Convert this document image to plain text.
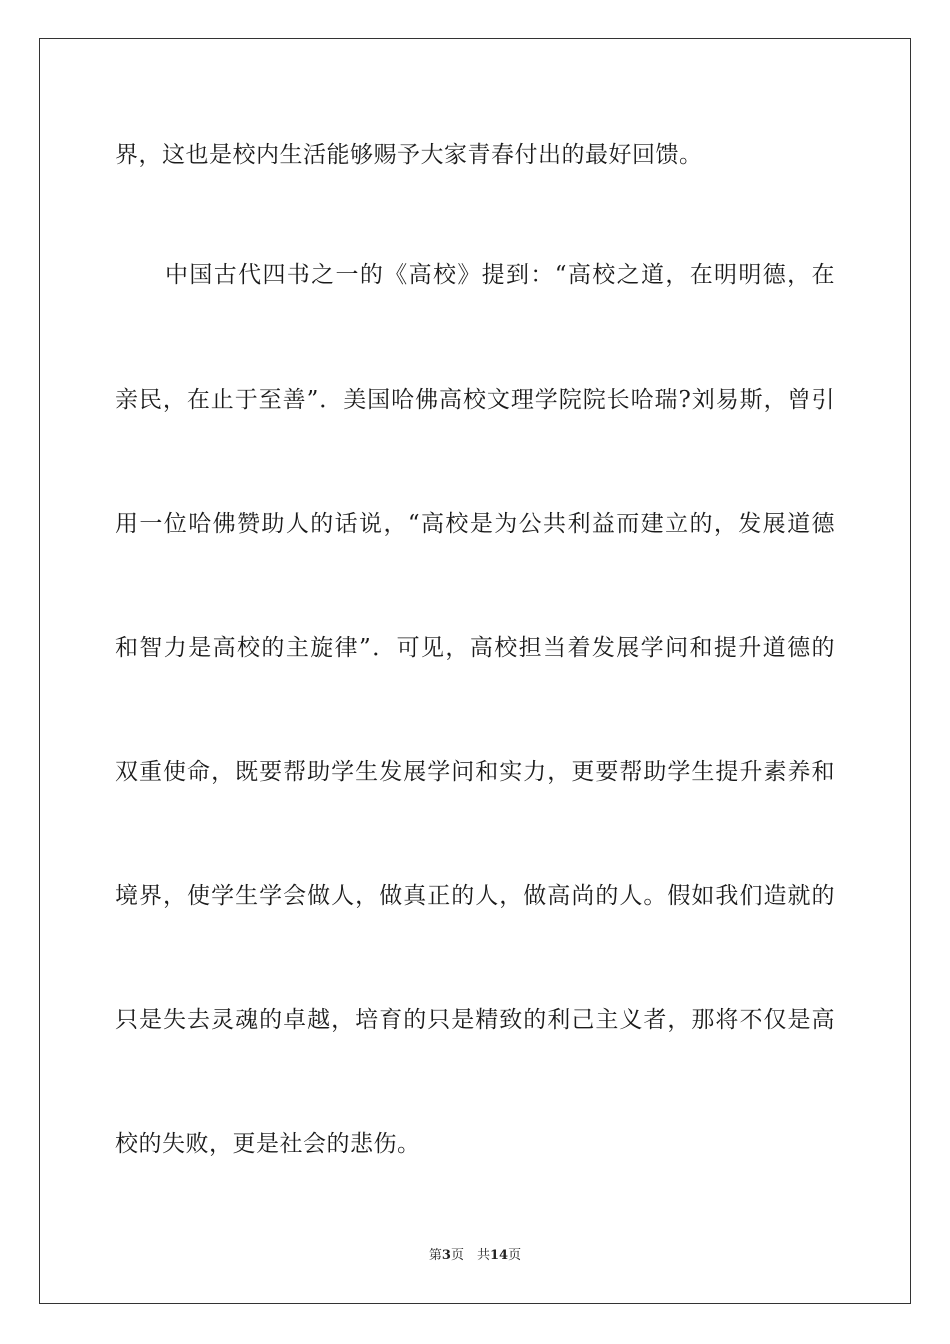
界，这也是校内生活能够赐予大家青春付出的最好回馈。
中国古代四书之一的《高校》提到：“高校之道，在明明德，在
亲民，在止于至善”．美国哈佛高校文理学院院长哈瑞?刘易斯，曾引
用一位哈佛赞助人的话说，“高校是为公共利益而建立的，发展道德
和智力是高校的主旋律”．可见，高校担当着发展学问和提升道德的
双重使命，既要帮助学生发展学问和实力，更要帮助学生提升素养和
境界，使学生学会做人，做真正的人，做高尚的人。假如我们造就的
只是失去灵魂的卓越，培育的只是精致的利己主义者，那将不仅是高
校的失败，更是社会的悲伤。
第3页　共14页
